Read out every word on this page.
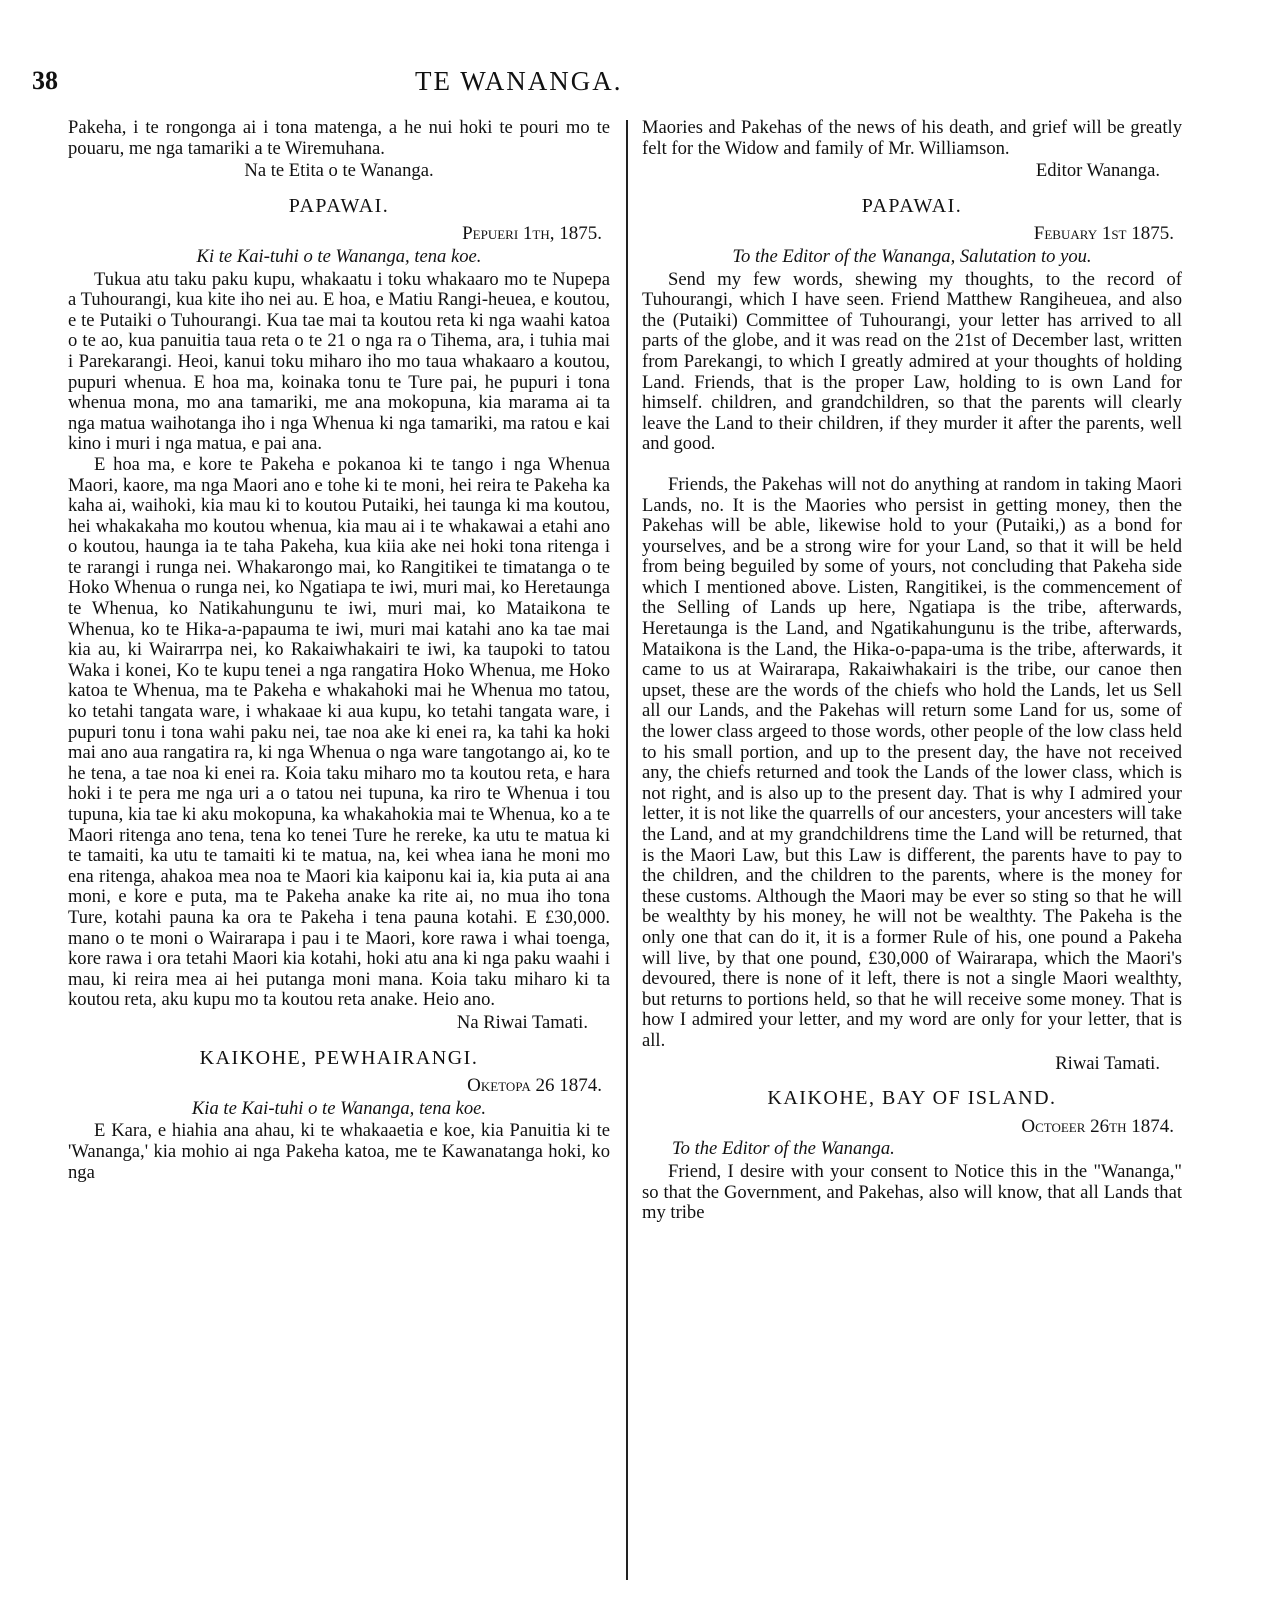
38	TE WANANGA.

Pakeha, i te rongonga ai i tona matenga, a he nui hoki te pouri mo te pouaru, me nga tamariki a te Wiremuhana.

Na te Etita o te Wananga.

PAPAWAI.
Pepueri 1th, 1875.
Ki te Kai-tuhi o te Wananga, tena koe.

Tukua atu taku paku kupu, whakaatu i toku whakaaro mo te Nupepa a Tuhourangi, kua kite iho nei au. E hoa, e Matiu Rangi-heuea, e koutou, e te Putaiki o Tuhourangi. Kua tae mai ta koutou reta ki nga waahi katoa o te ao, kua panuitia taua reta o te 21 o nga ra o Tihema, ara, i tuhia mai i Parekarangi. Heoi, kanui toku miharo iho mo taua whakaaro a koutou, pupuri whenua. E hoa ma, koinaka tonu te Ture pai, he pupuri i tona whenua mona, mo ana tamariki, me ana mokopuna, kia marama ai ta nga matua waihotanga iho i nga Whenua ki nga tamariki, ma ratou e kai kino i muri i nga matua, e pai ana.

E hoa ma, e kore te Pakeha e pokanoa ki te tango i nga Whenua Maori, kaore, ma nga Maori ano e tohe ki te moni, hei reira te Pakeha ka kaha ai, waihoki, kia mau ki to koutou Putaiki, hei taunga ki ma koutou, hei whakakaha mo koutou whenua, kia mau ai i te whakawai a etahi ano o koutou, haunga ia te taha Pakeha, kua kiia ake nei hoki tona ritenga i te rarangi i runga nei. Whakarongo mai, ko Rangitikei te timatanga o te Hoko Whenua o runga nei, ko Ngatiapa te iwi, muri mai, ko Heretaunga te Whenua, ko Natikahungunu te iwi, muri mai, ko Mataikona te Whenua, ko te Hika-a-papauma te iwi, muri mai katahi ano ka tae mai kia au, ki Wairarrpa nei, ko Rakaiwhakairi te iwi, ka taupoki to tatou Waka i konei, Ko te kupu tenei a nga rangatira Hoko Whenua, me Hoko katoa te Whenua, ma te Pakeha e whakahoki mai he Whenua mo tatou, ko tetahi tangata ware, i whakaae ki aua kupu, ko tetahi tangata ware, i pupuri tonu i tona wahi paku nei, tae noa ake ki enei ra, ka tahi ka hoki mai ano aua rangatira ra, ki nga Whenua o nga ware tangotango ai, ko te he tena, a tae noa ki enei ra. Koia taku miharo mo ta koutou reta, e hara hoki i te pera me nga uri a o tatou nei tupuna, ka riro te Whenua i tou tupuna, kia tae ki aku mokopuna, ka whakahokia mai te Whenua, ko a te Maori ritenga ano tena, tena ko tenei Ture he rereke, ka utu te matua ki te tamaiti, ka utu te tamaiti ki te matua, na, kei whea iana he moni mo ena ritenga, ahakoa mea noa te Maori kia kaiponu kai ia, kia puta ai ana moni, e kore e puta, ma te Pakeha anake ka rite ai, no mua iho tona Ture, kotahi pauna ka ora te Pakeha i tena pauna kotahi. E £30,000. mano o te moni o Wairarapa i pau i te Maori, kore rawa i whai toenga, kore rawa i ora tetahi Maori kia kotahi, hoki atu ana ki nga paku waahi i mau, ki reira mea ai hei putanga moni mana. Koia taku miharo ki ta koutou reta, aku kupu mo ta koutou reta anake. Heio ano.

Na Riwai Tamati.

KAIKOHE, PEWHAIRANGI.
Oketopa 26 1874.
Kia te Kai-tuhi o te Wananga, tena koe.

E Kara, e hiahia ana ahau, ki te whakaaetia e koe, kia Panuitia ki te 'Wananga,' kia mohio ai nga Pakeha katoa, me te Kawanatanga hoki, ko nga

Maories and Pakehas of the news of his death, and grief will be greatly felt for the Widow and family of Mr. Williamson.

Editor Wananga.

PAPAWAI.
Febuary 1st 1875.
To the Editor of the Wananga, Salutation to you.

Send my few words, shewing my thoughts, to the record of Tuhourangi, which I have seen. Friend Matthew Rangiheuea, and also the (Putaiki) Committee of Tuhourangi, your letter has arrived to all parts of the globe, and it was read on the 21st of December last, written from Parekangi, to which I greatly admired at your thoughts of holding Land. Friends, that is the proper Law, holding to is own Land for himself. children, and grandchildren, so that the parents will clearly leave the Land to their children, if they murder it after the parents, well and good.

Friends, the Pakehas will not do anything at random in taking Maori Lands, no. It is the Maories who persist in getting money, then the Pakehas will be able, likewise hold to your (Putaiki,) as a bond for yourselves, and be a strong wire for your Land, so that it will be held from being beguiled by some of yours, not concluding that Pakeha side which I mentioned above. Listen, Rangitikei, is the commencement of the Selling of Lands up here, Ngatiapa is the tribe, afterwards, Heretaunga is the Land, and Ngatikahungunu is the tribe, afterwards, Mataikona is the Land, the Hika-o-papa-uma is the tribe, afterwards, it came to us at Wairarapa, Rakaiwhakairi is the tribe, our canoe then upset, these are the words of the chiefs who hold the Lands, let us Sell all our Lands, and the Pakehas will return some Land for us, some of the lower class argeed to those words, other people of the low class held to his small portion, and up to the present day, the have not received any, the chiefs returned and took the Lands of the lower class, which is not right, and is also up to the present day. That is why I admired your letter, it is not like the quarrells of our ancesters, your ancesters will take the Land, and at my grandchildrens time the Land will be returned, that is the Maori Law, but this Law is different, the parents have to pay to the children, and the children to the parents, where is the money for these customs. Although the Maori may be ever so sting so that he will be wealthty by his money, he will not be wealthty. The Pakeha is the only one that can do it, it is a former Rule of his, one pound a Pakeha will live, by that one pound, £30,000 of Wairarapa, which the Maori's devoured, there is none of it left, there is not a single Maori wealthty, but returns to portions held, so that he will receive some money. That is how I admired your letter, and my word are only for your letter, that is all.

Riwai Tamati.

KAIKOHE, BAY OF ISLAND.
Octoeer 26th 1874.
To the Editor of the Wananga.

Friend, I desire with your consent to Notice this in the "Wananga," so that the Government, and Pakehas, also will know, that all Lands that my tribe
